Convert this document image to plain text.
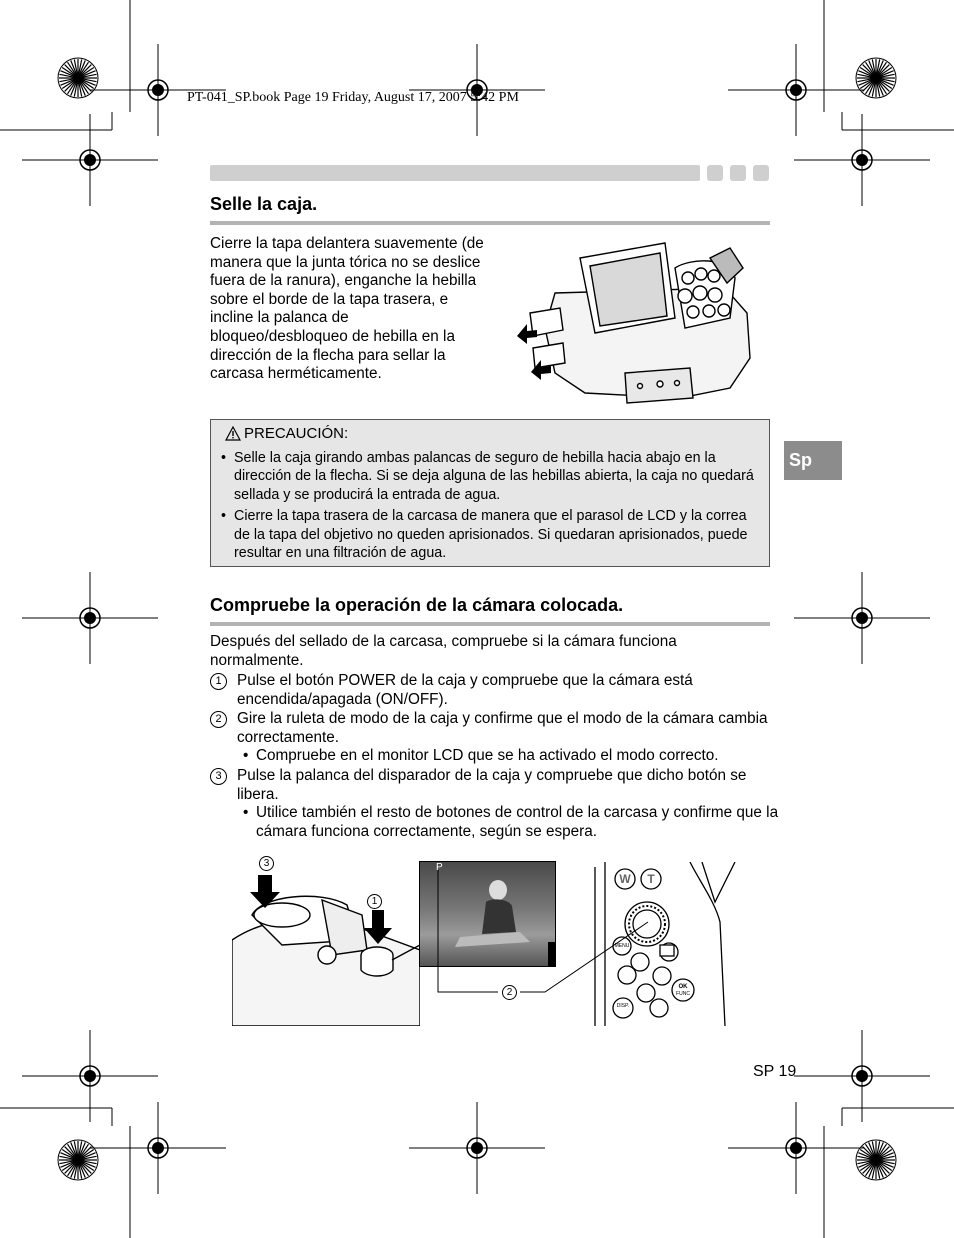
PT-041_SP.book Page 19 Friday, August 17, 2007 5:42 PM
Selle la caja.
Cierre la tapa delantera suavemente (de manera que la junta tórica no se deslice fuera de la ranura), enganche la hebilla sobre el borde de la tapa trasera, e incline la palanca de bloqueo/desbloqueo de hebilla en la dirección de la flecha para sellar la carcasa herméticamente.
PRECAUCIÓN:
• Selle la caja girando ambas palancas de seguro de hebilla hacia abajo en la dirección de la flecha. Si se deja alguna de las hebillas abierta, la caja no quedará sellada y se producirá la entrada de agua.
• Cierre la tapa trasera de la carcasa de manera que el parasol de LCD y la correa de la tapa del objetivo no queden aprisionados. Si quedaran aprisionados, puede resultar en una filtración de agua.
Sp
Compruebe la operación de la cámara colocada.
Después del sellado de la carcasa, compruebe si la cámara funciona normalmente.
1	Pulse el botón POWER de la caja y compruebe que la cámara está encendida/apagada (ON/OFF).
2	Gire la ruleta de modo de la caja y confirme que el modo de la cámara cambia correctamente.
• Compruebe en el monitor LCD que se ha activado el modo correcto.
3	Pulse la palanca del disparador de la caja y compruebe que dicho botón se libera.
• Utilice también el resto de botones de control de la carcasa y confirme que la cámara funciona correctamente, según se espera.
3
1
P
W T
MENU
OK
FUNC
DISP.
2
SP 19
